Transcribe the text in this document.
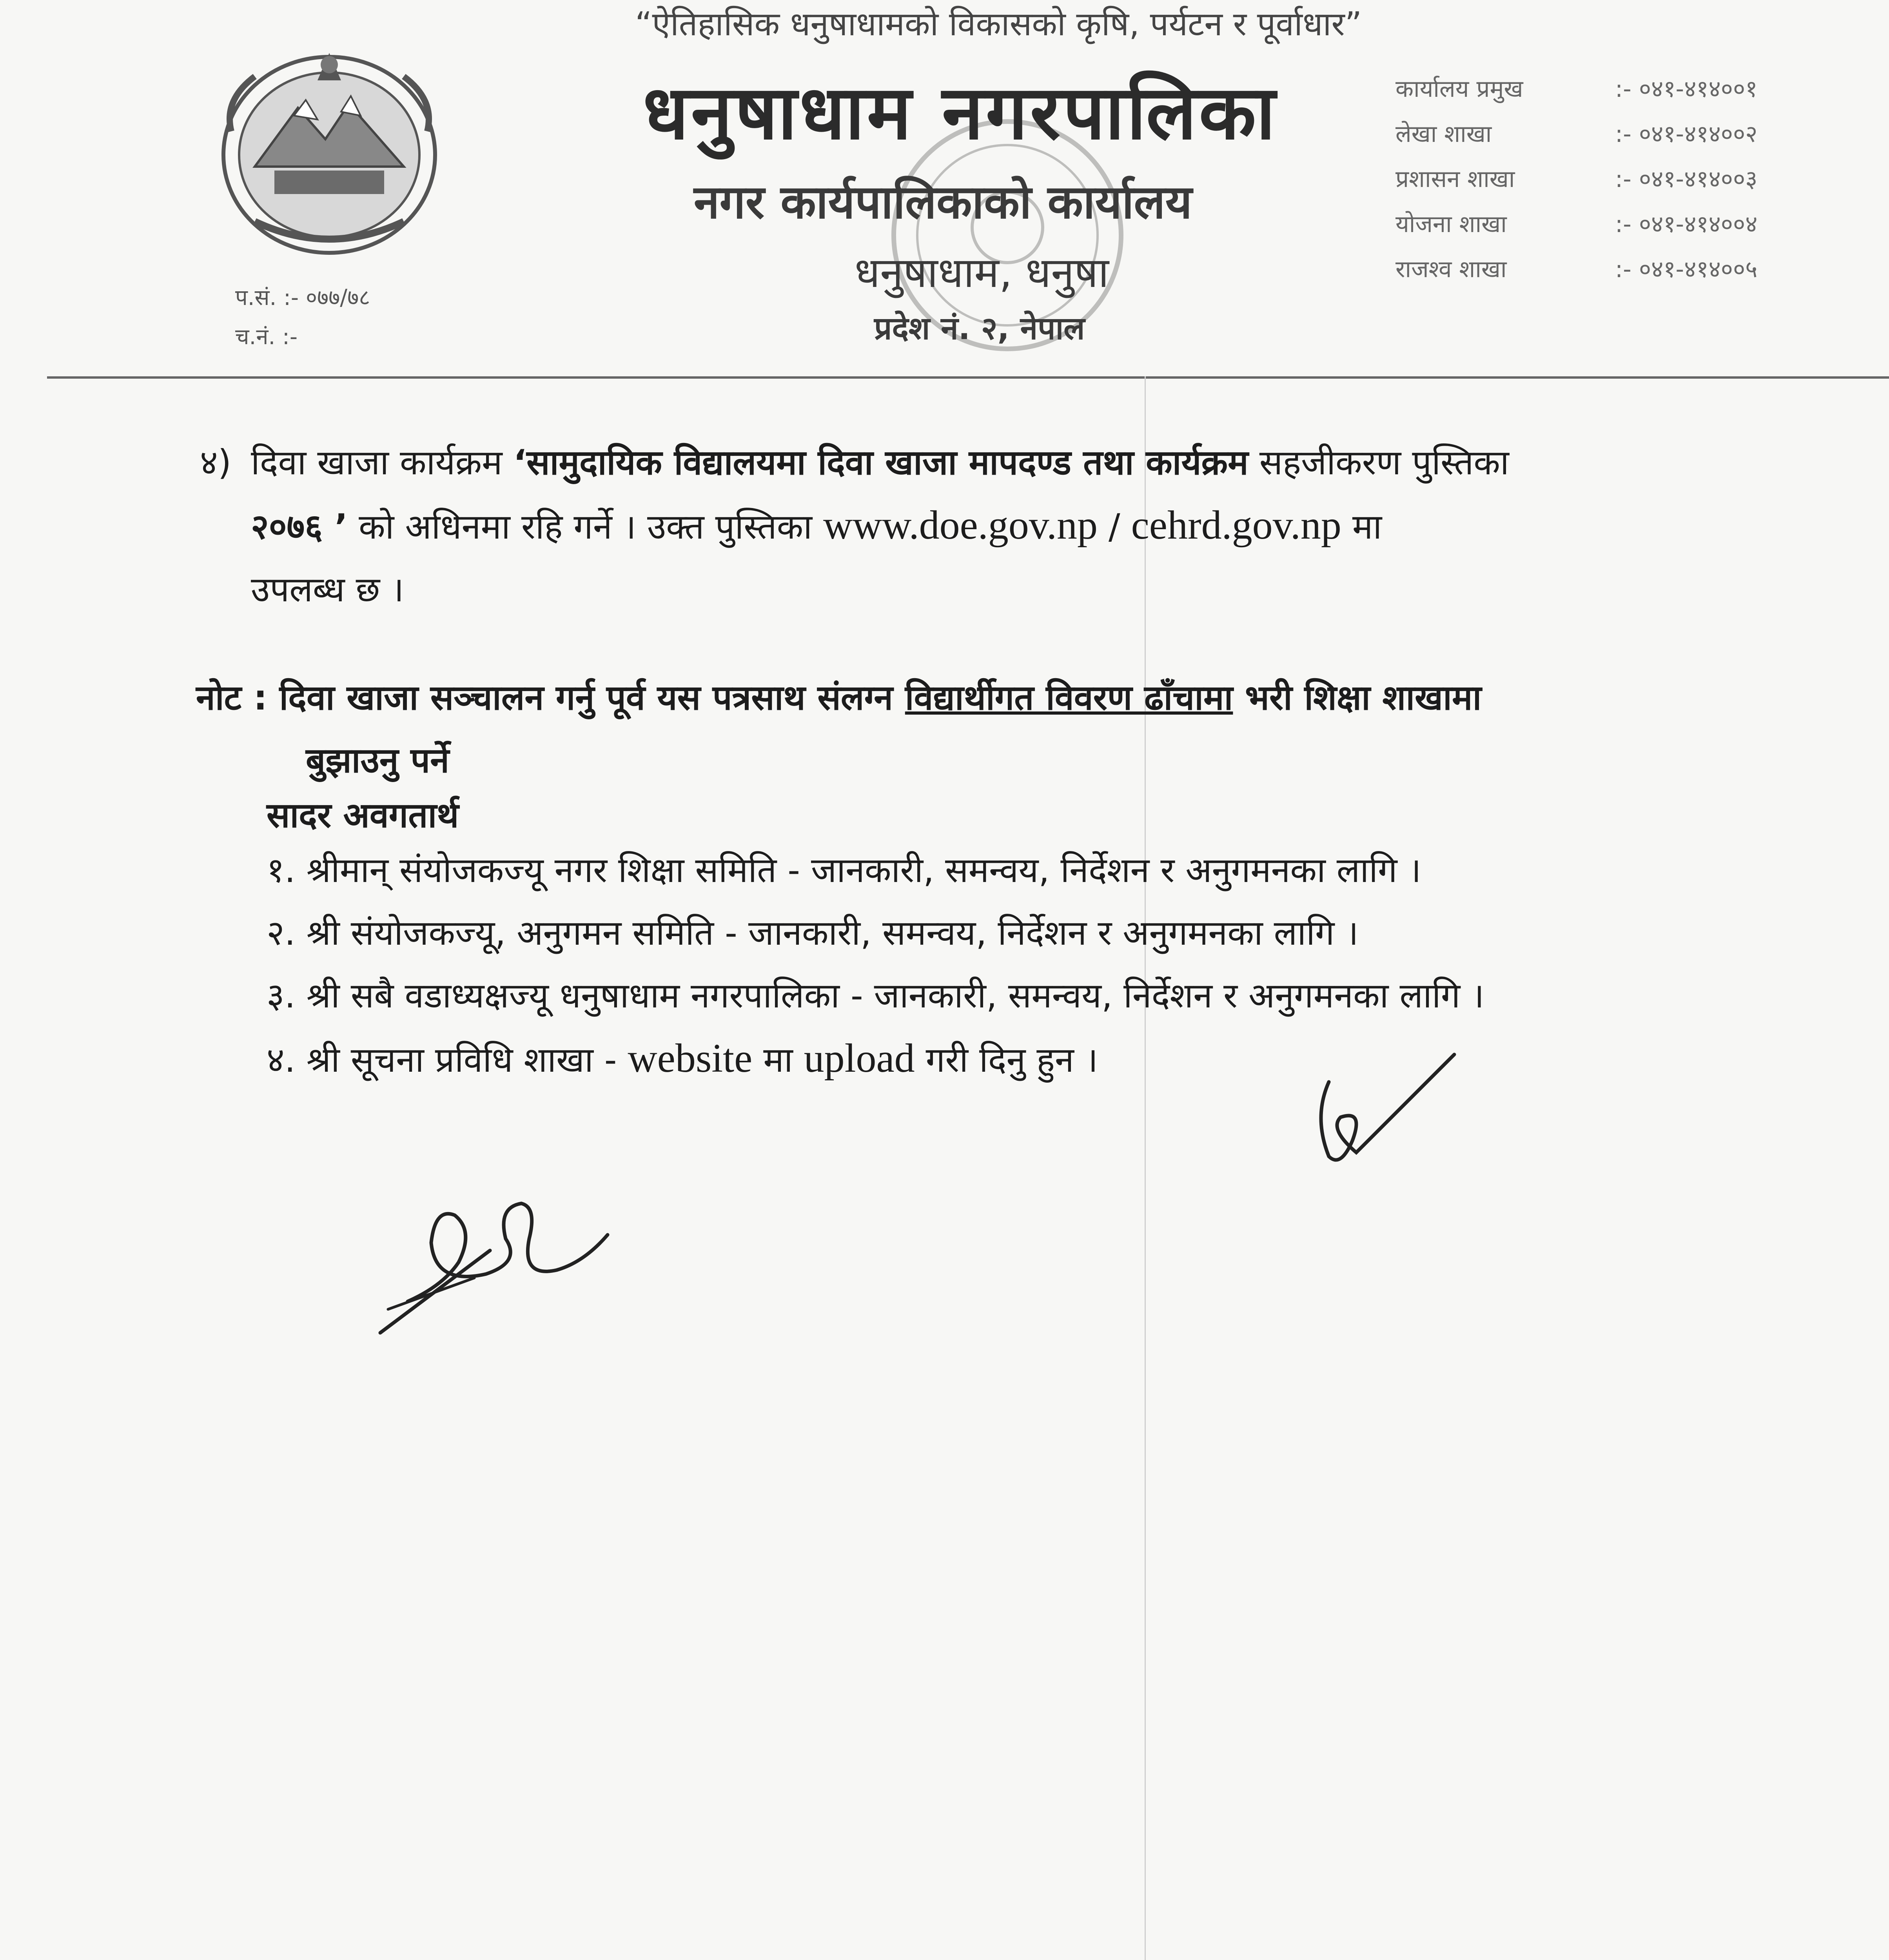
“ऐतिहासिक धनुषाधामको विकासको कृषि, पर्यटन र पूर्वाधार”
प.सं. :- ०७७/७८
च.नं. :-
धनुषाधाम नगरपालिका
नगर कार्यपालिकाको कार्यालय
धनुषाधाम, धनुषा
प्रदेश नं. २, नेपाल
कार्यालय प्रमुख	:- ०४१-४१४००१
लेखा शाखा	:- ०४१-४१४००२
प्रशासन शाखा	:- ०४१-४१४००३
योजना शाखा	:- ०४१-४१४००४
राजश्व शाखा	:- ०४१-४१४००५
४) दिवा खाजा कार्यक्रम ‘सामुदायिक विद्यालयमा दिवा खाजा मापदण्ड तथा कार्यक्रम सहजीकरण पुस्तिका
२०७६ ’ को अधिनमा रहि गर्ने । उक्त पुस्तिका www.doe.gov.np / cehrd.gov.np मा
उपलब्ध छ ।
नोट : दिवा खाजा सञ्चालन गर्नु पूर्व यस पत्रसाथ संलग्न विद्यार्थीगत विवरण ढाँचामा भरी शिक्षा शाखामा
बुझाउनु पर्ने
सादर अवगतार्थ
१. श्रीमान् संयोजकज्यू नगर शिक्षा समिति - जानकारी, समन्वय, निर्देशन र अनुगमनका लागि ।
२. श्री संयोजकज्यू, अनुगमन समिति - जानकारी, समन्वय, निर्देशन र अनुगमनका लागि ।
३. श्री सबै वडाध्यक्षज्यू धनुषाधाम नगरपालिका - जानकारी, समन्वय, निर्देशन र अनुगमनका लागि ।
४. श्री सूचना प्रविधि शाखा - website मा upload गरी दिनु हुन ।
